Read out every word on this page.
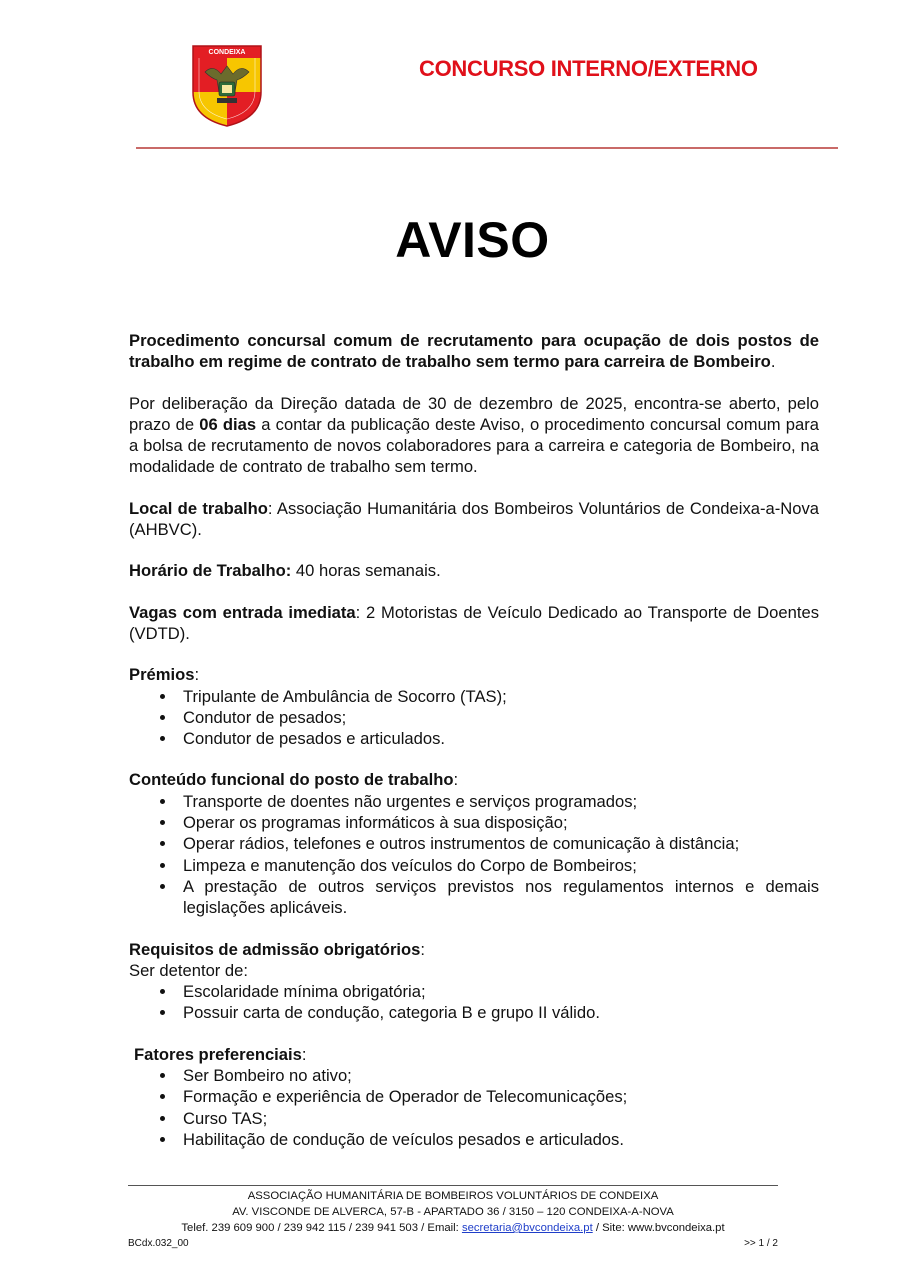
CONDEIXA
CONCURSO INTERNO/EXTERNO
AVISO

Procedimento concursal comum de recrutamento para ocupação de dois postos de trabalho em regime de contrato de trabalho sem termo para carreira de Bombeiro.

Por deliberação da Direção datada de 30 de dezembro de 2025, encontra-se aberto, pelo prazo de 06 dias a contar da publicação deste Aviso, o procedimento concursal comum para a bolsa de recrutamento de novos colaboradores para a carreira e categoria de Bombeiro, na modalidade de contrato de trabalho sem termo.

Local de trabalho: Associação Humanitária dos Bombeiros Voluntários de Condeixa-a-Nova (AHBVC).

Horário de Trabalho: 40 horas semanais.

Vagas com entrada imediata: 2 Motoristas de Veículo Dedicado ao Transporte de Doentes (VDTD).

Prémios:

Tripulante de Ambulância de Socorro (TAS);
Condutor de pesados;
Condutor de pesados e articulados.

Conteúdo funcional do posto de trabalho:

Transporte de doentes não urgentes e serviços programados;
Operar os programas informáticos à sua disposição;
Operar rádios, telefones e outros instrumentos de comunicação à distância;
Limpeza e manutenção dos veículos do Corpo de Bombeiros;
A prestação de outros serviços previstos nos regulamentos internos e demais legislações aplicáveis.

Requisitos de admissão obrigatórios:

Ser detentor de:

Escolaridade mínima obrigatória;
Possuir carta de condução, categoria B e grupo II válido.

Fatores preferenciais:

Ser Bombeiro no ativo;
Formação e experiência de Operador de Telecomunicações;
Curso TAS;
Habilitação de condução de veículos pesados e articulados.
ASSOCIAÇÃO HUMANITÁRIA DE BOMBEIROS VOLUNTÁRIOS DE CONDEIXA
AV. VISCONDE DE ALVERCA, 57-B - APARTADO 36 / 3150 – 120 CONDEIXA-A-NOVA
Telef. 239 609 900 / 239 942 115 / 239 941 503 / Email: secretaria@bvcondeixa.pt / Site: www.bvcondeixa.pt
BCdx.032_00	>> 1 / 2
